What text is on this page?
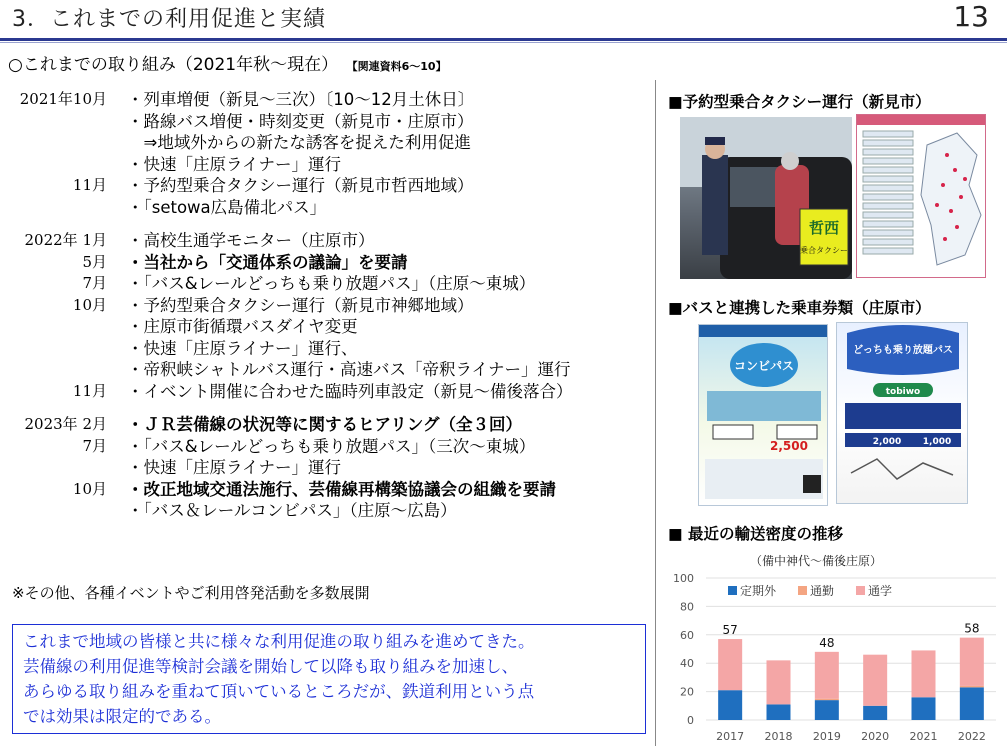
3．これまでの利用促進と実績	13
○これまでの取り組み（2021年秋～現在） 【関連資料6～10】
2021年10月 ・列車増便（新見～三次）〔10～12月土休日〕
・路線バス増便・時刻変更（新見市・庄原市）
　⇒地域外からの新たな誘客を捉えた利用促進
・快速「庄原ライナー」運行
11月 ・予約型乗合タクシー運行（新見市哲西地域）
・「setowa広島備北パス」
2022年 1月 ・高校生通学モニター（庄原市）
5月 ・当社から「交通体系の議論」を要請
7月 ・「バス&レールどっちも乗り放題パス」（庄原～東城）
10月 ・予約型乗合タクシー運行（新見市神郷地域）
・庄原市街循環バスダイヤ変更
・快速「庄原ライナー」運行、
・帝釈峡シャトルバス運行・高速バス「帝釈ライナー」運行
11月 ・イベント開催に合わせた臨時列車設定（新見～備後落合）
2023年 2月 ・ＪＲ芸備線の状況等に関するヒアリング（全３回）
7月 ・「バス&レールどっちも乗り放題パス」（三次～東城）
・快速「庄原ライナー」運行
10月 ・改正地域交通法施行、芸備線再構築協議会の組織を要請
・「バス＆レールコンビパス」（庄原～広島）
※その他、各種イベントやご利用啓発活動を多数展開
これまで地域の皆様と共に様々な利用促進の取り組みを進めてきた。
芸備線の利用促進等検討会議を開始して以降も取り組みを加速し、
あらゆる取り組みを重ねて頂いているところだが、鉄道利用という点
では効果は限定的である。
■予約型乗合タクシー運行（新見市）
哲西
乗合タクシー
■バスと連携した乗車券類（庄原市）
コンビパス
2,500
どっちも乗り放題パス
tobiwo
2,000 1,000
■ 最近の輸送密度の推移
（備中神代～備後庄原）
定期外	通勤	通学
0
20
40
60
80
100
57
2017 2018
48
2019 2020 2021
58
2022
